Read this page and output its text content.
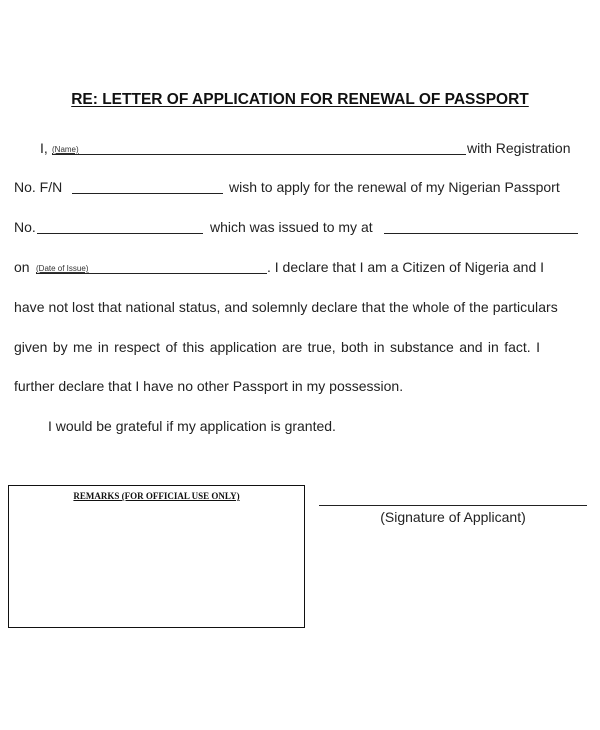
RE: LETTER OF APPLICATION FOR RENEWAL OF PASSPORT
I, (Name)	with Registration
No. F/N	wish to apply for the renewal of my Nigerian Passport
No.	which was issued to my at
on (Date of Issue)	. I declare that I am a Citizen of Nigeria and I
have not lost that national status, and solemnly declare that the whole of the particulars
given by me in respect of this application are true, both in substance and in fact. I
further declare that I have no other Passport in my possession.
I would be grateful if my application is granted.
REMARKS (FOR OFFICIAL USE ONLY)
(Signature of Applicant)
